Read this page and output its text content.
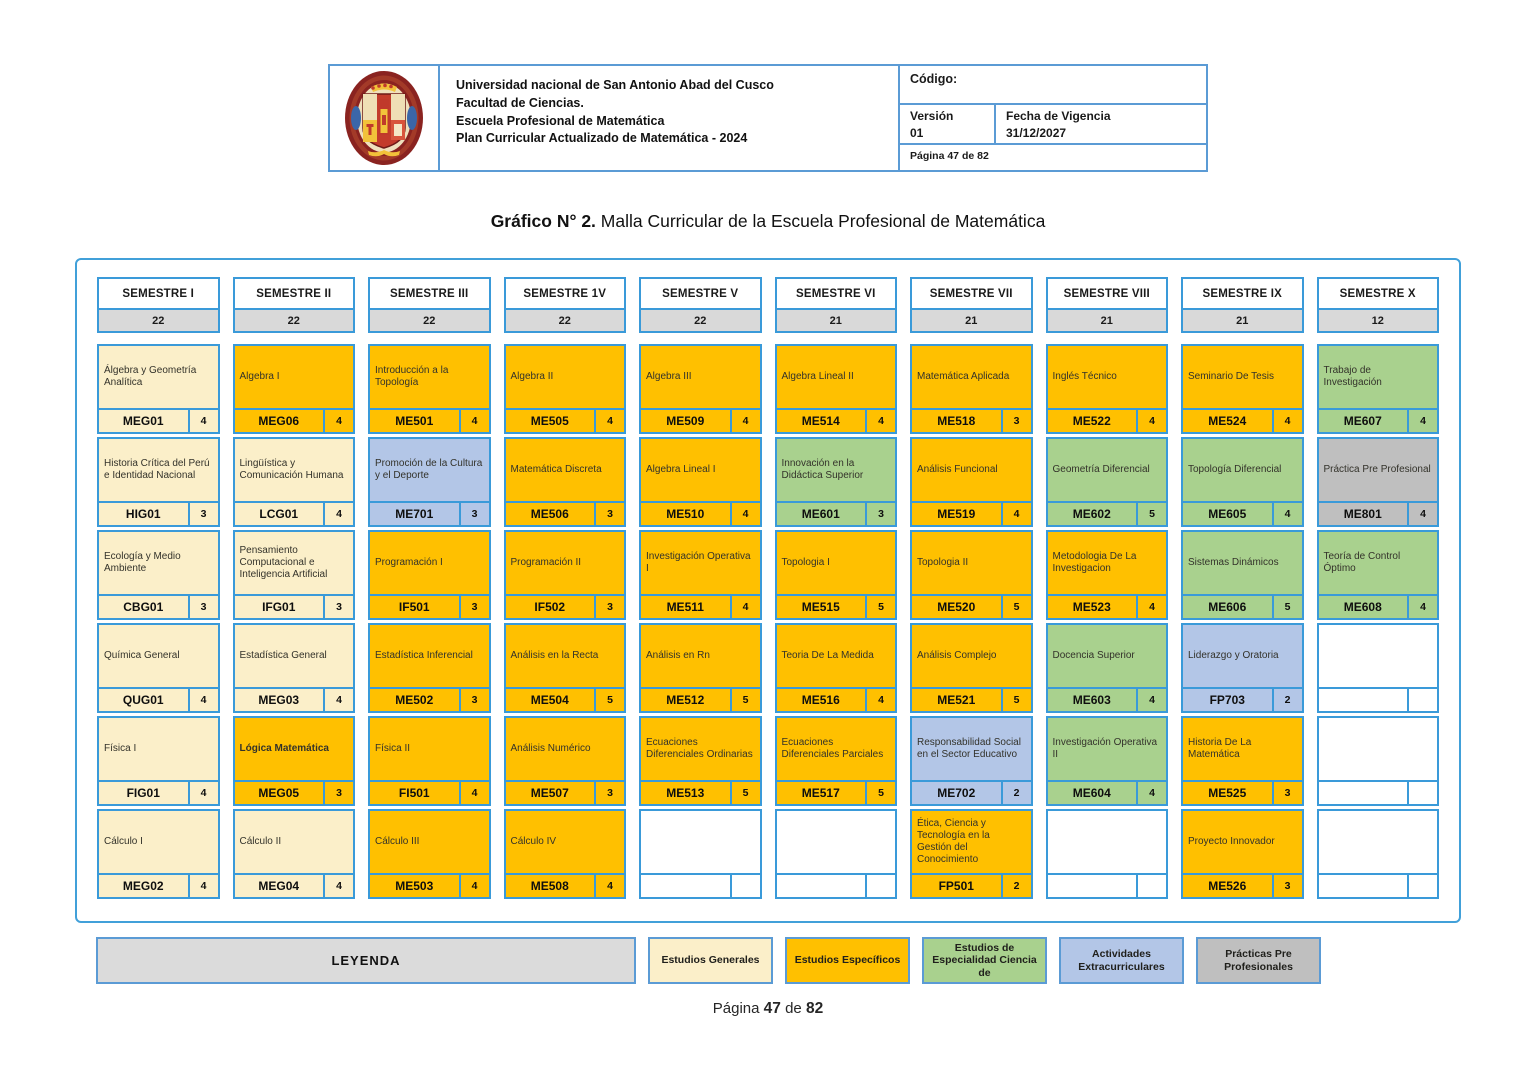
Universidad nacional de San Antonio Abad del Cusco
Facultad de Ciencias.
Escuela Profesional de Matemática
Plan Curricular Actualizado de Matemática - 2024
Código:
Versión
01
Fecha de Vigencia
31/12/2027
Página 47 de 82
Gráfico N° 2. Malla Curricular de la Escuela Profesional de Matemática
SEMESTRE I
22
Álgebra y Geometría Analítica
MEG01	4
Historia Crítica del Perú e Identidad Nacional
HIG01	3
Ecología y Medio Ambiente
CBG01	3
Química General
QUG01	4
Física I
FIG01	4
Cálculo I
MEG02	4
SEMESTRE II
22
Algebra I
MEG06	4
Lingüística y Comunicación Humana
LCG01	4
Pensamiento Computacional e Inteligencia Artificial
IFG01	3
Estadística General
MEG03	4
Lógica Matemática
MEG05	3
Cálculo II
MEG04	4
SEMESTRE III
22
Introducción a la Topología
ME501	4
Promoción de la Cultura y el Deporte
ME701	3
Programación I
IF501	3
Estadística Inferencial
ME502	3
Física II
FI501	4
Cálculo III
ME503	4
SEMESTRE 1V
22
Algebra II
ME505	4
Matemática Discreta
ME506	3
Programación II
IF502	3
Análisis en la Recta
ME504	5
Análisis Numérico
ME507	3
Cálculo IV
ME508	4
SEMESTRE V
22
Algebra III
ME509	4
Algebra Lineal I
ME510	4
Investigación Operativa I
ME511	4
Análisis en Rn
ME512	5
Ecuaciones Diferenciales Ordinarias
ME513	5
SEMESTRE VI
21
Algebra Lineal II
ME514	4
Innovación en la Didáctica Superior
ME601	3
Topologia I
ME515	5
Teoria De La Medida
ME516	4
Ecuaciones Diferenciales Parciales
ME517	5
SEMESTRE VII
21
Matemática Aplicada
ME518	3
Análisis Funcional
ME519	4
Topologia II
ME520	5
Análisis Complejo
ME521	5
Responsabilidad Social en el Sector Educativo
ME702	2
Ética, Ciencia y Tecnología en la Gestión del Conocimiento
FP501	2
SEMESTRE VIII
21
Inglés Técnico
ME522	4
Geometría Diferencial
ME602	5
Metodologia De La Investigacion
ME523	4
Docencia Superior
ME603	4
Investigación Operativa II
ME604	4
SEMESTRE IX
21
Seminario De Tesis
ME524	4
Topología Diferencial
ME605	4
Sistemas Dinámicos
ME606	5
Liderazgo y Oratoria
FP703	2
Historia De La Matemática
ME525	3
Proyecto Innovador
ME526	3
SEMESTRE X
12
Trabajo de Investigación
ME607	4
Práctica Pre Profesional
ME801	4
Teoría de Control Óptimo
ME608	4
LEYENDA	Estudios Generales	Estudios Específicos
Estudios de Especialidad Ciencia de
Actividades Extracurriculares
Prácticas Pre Profesionales
Página 47 de 82
